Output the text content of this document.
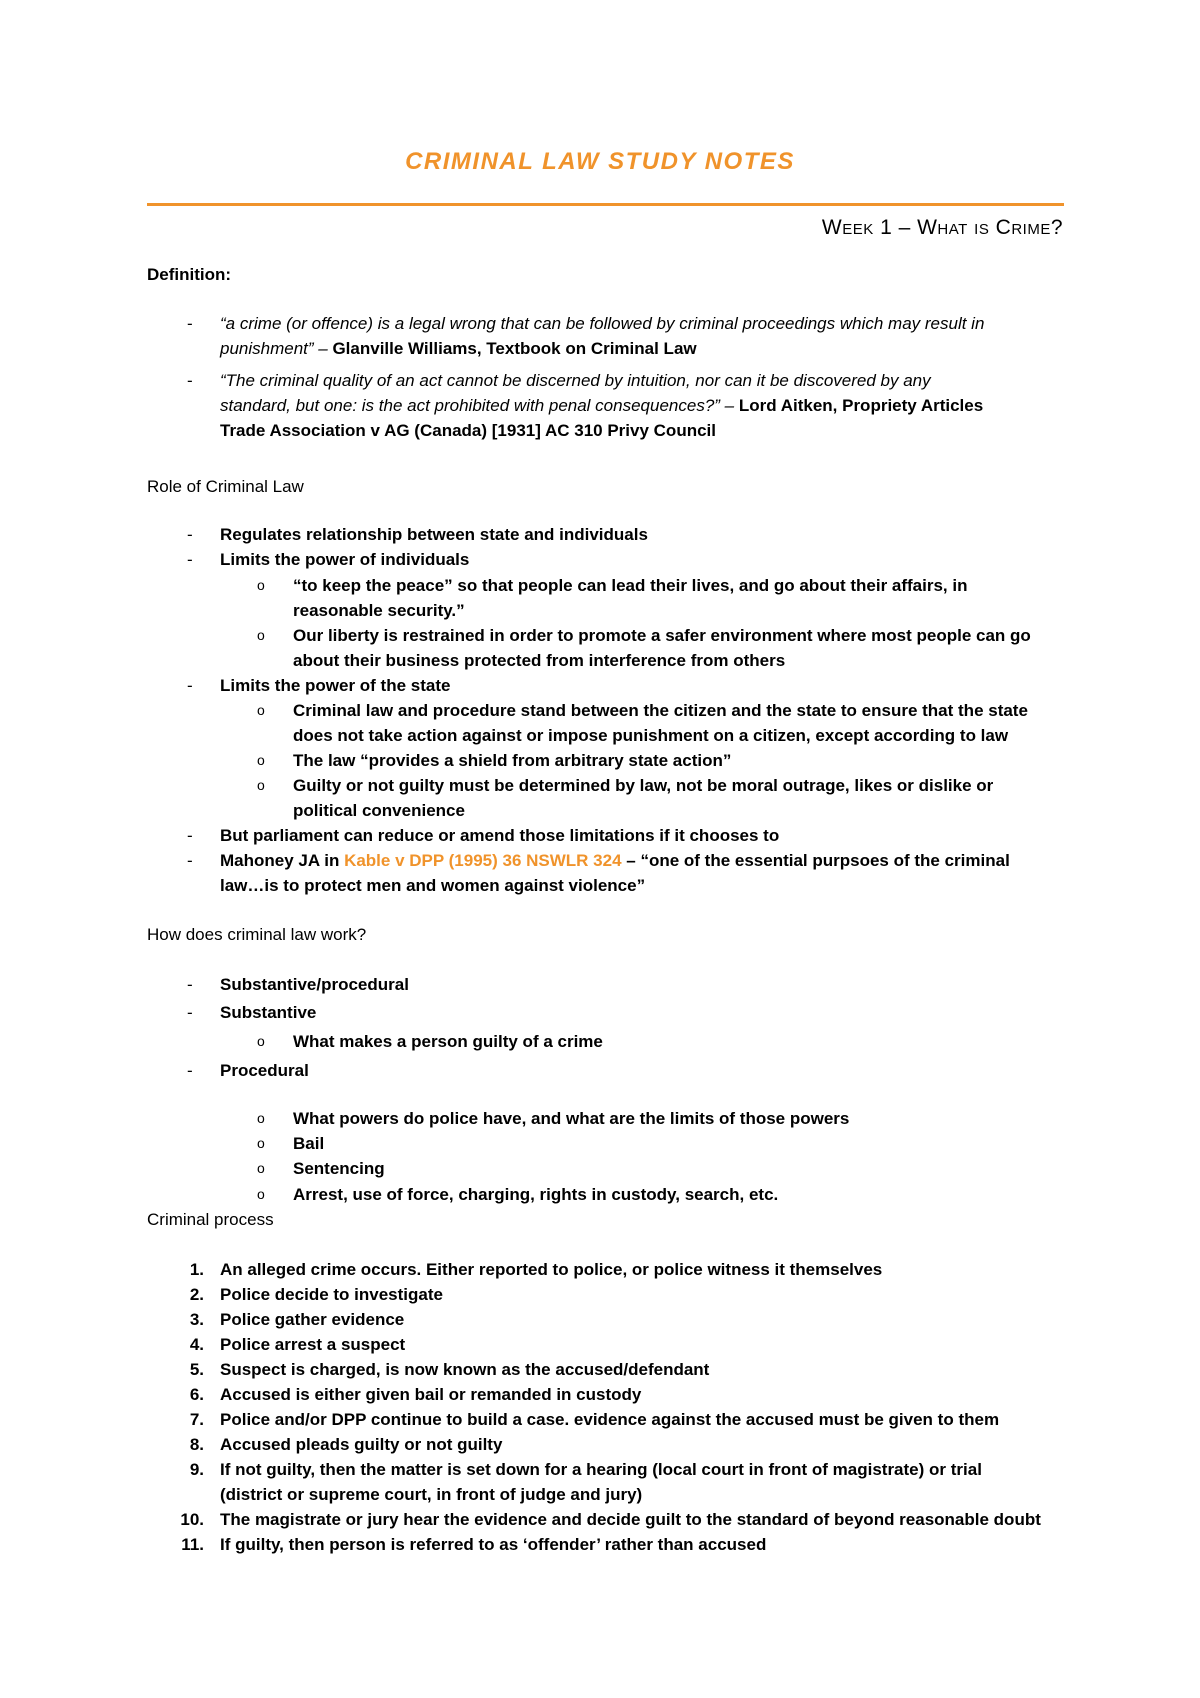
CRIMINAL LAW STUDY NOTES
Week 1 – What is Crime?
Definition:
- “a crime (or offence) is a legal wrong that can be followed by criminal proceedings which may result in
punishment” – Glanville Williams, Textbook on Criminal Law
- “The criminal quality of an act cannot be discerned by intuition, nor can it be discovered by any
standard, but one: is the act prohibited with penal consequences?” – Lord Aitken, Propriety Articles
Trade Association v AG (Canada) [1931] AC 310 Privy Council
Role of Criminal Law
- Regulates relationship between state and individuals
- Limits the power of individuals
o “to keep the peace” so that people can lead their lives, and go about their affairs, in
reasonable security.”
o Our liberty is restrained in order to promote a safer environment where most people can go
about their business protected from interference from others
- Limits the power of the state
o Criminal law and procedure stand between the citizen and the state to ensure that the state
does not take action against or impose punishment on a citizen, except according to law
o The law “provides a shield from arbitrary state action”
o Guilty or not guilty must be determined by law, not be moral outrage, likes or dislike or
political convenience
- But parliament can reduce or amend those limitations if it chooses to
- Mahoney JA in Kable v DPP (1995) 36 NSWLR 324 – “one of the essential purpsoes of the criminal
law…is to protect men and women against violence”
How does criminal law work?
- Substantive/procedural
- Substantive
o What makes a person guilty of a crime
- Procedural
o What powers do police have, and what are the limits of those powers
o Bail
o Sentencing
o Arrest, use of force, charging, rights in custody, search, etc.
Criminal process
1. An alleged crime occurs. Either reported to police, or police witness it themselves
2. Police decide to investigate
3. Police gather evidence
4. Police arrest a suspect
5. Suspect is charged, is now known as the accused/defendant
6. Accused is either given bail or remanded in custody
7. Police and/or DPP continue to build a case. evidence against the accused must be given to them
8. Accused pleads guilty or not guilty
9. If not guilty, then the matter is set down for a hearing (local court in front of magistrate) or trial
(district or supreme court, in front of judge and jury)
10. The magistrate or jury hear the evidence and decide guilt to the standard of beyond reasonable doubt
11. If guilty, then person is referred to as ‘offender’ rather than accused
